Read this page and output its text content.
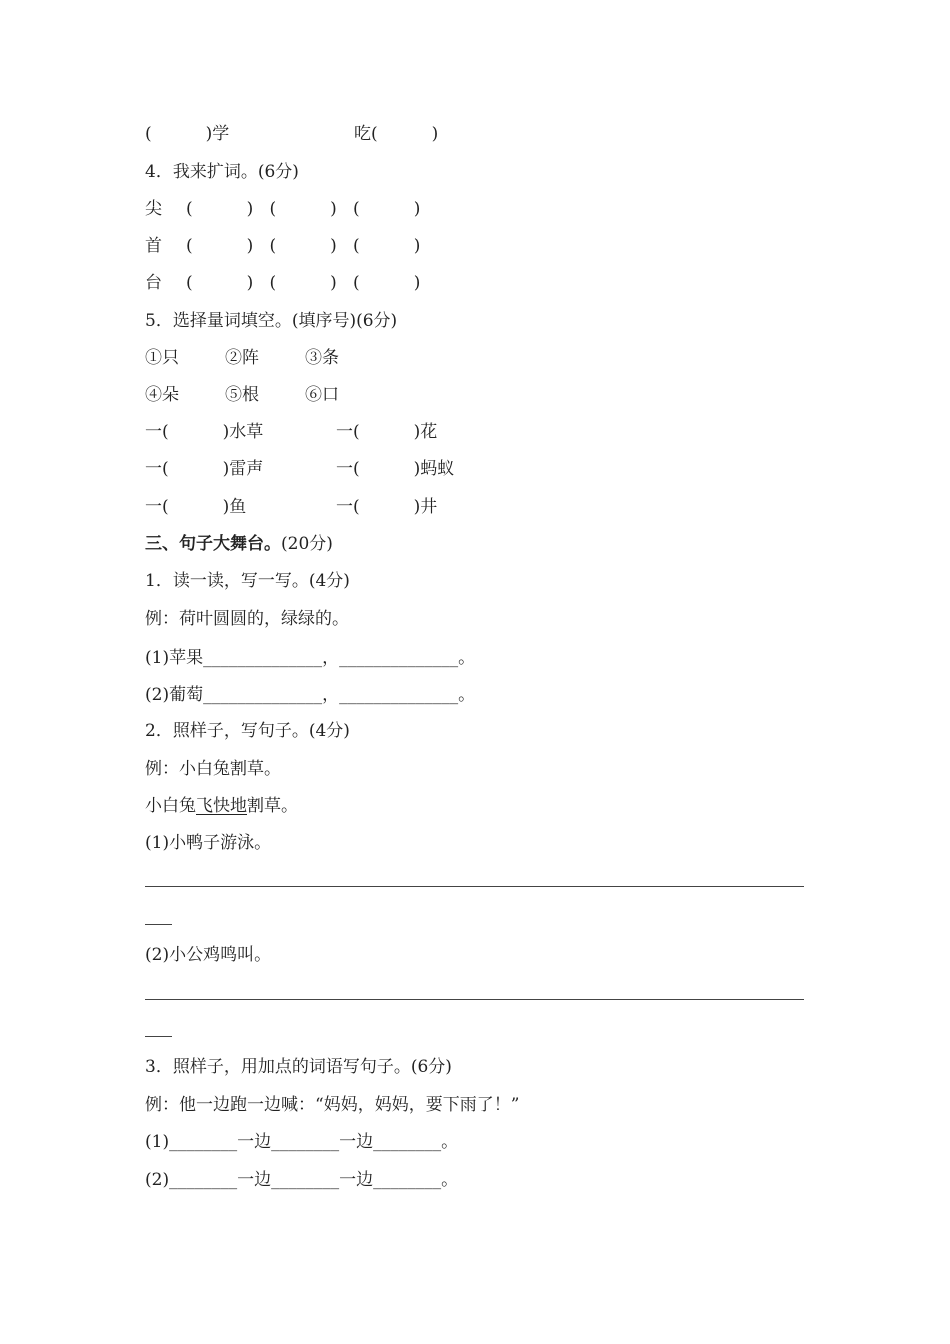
(          )学	吃(          )
4．我来扩词。(6分)
尖 (          )   (          )   (          )
首 (          )   (          )   (          )
台 (          )   (          )   (          )
5．选择量词填空。(填序号)(6分)
①只	②阵	③条
④朵	⑤根	⑥口
一(          )水草	一(          )花
一(          )雷声	一(          )蚂蚁
一(          )鱼	一(          )井
三、句子大舞台。(20分)
1．读一读，写一写。(4分)
例：荷叶圆圆的，绿绿的。
(1)苹果______________，______________。
(2)葡萄______________，______________。
2．照样子，写句子。(4分)
例：小白兔割草。
小白兔飞快地割草。
(1)小鸭子游泳。
(2)小公鸡鸣叫。
3．照样子，用加点的词语写句子。(6分)
例：他一边跑一边喊：“妈妈，妈妈，要下雨了！”
(1)________一边________一边________。
(2)________一边________一边________。
